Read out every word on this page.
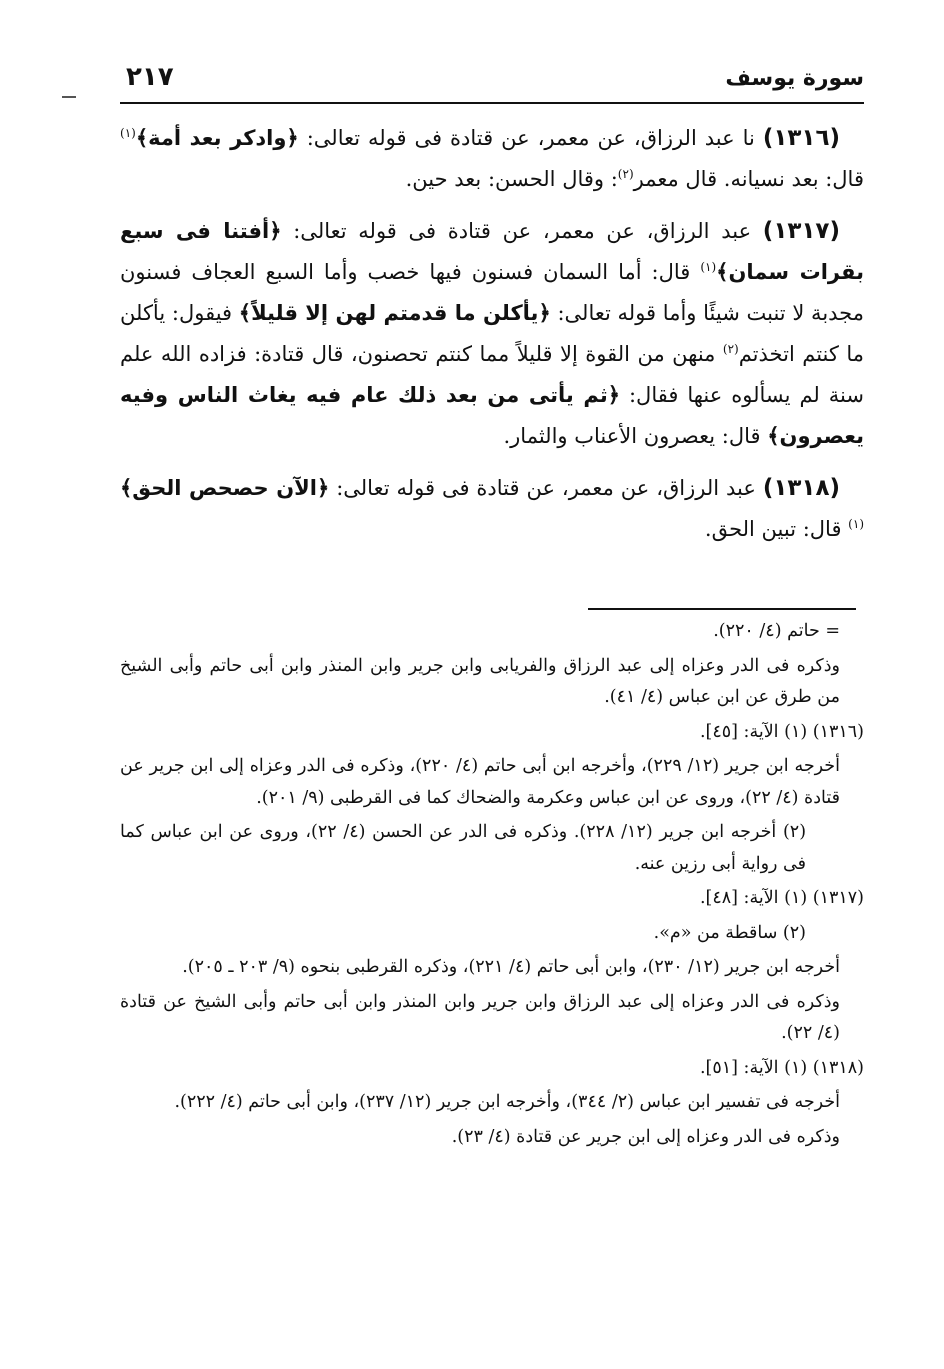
٢١٧	سورة يوسف

(١٣١٦) نا عبد الرزاق، عن معمر، عن قتادة فى قوله تعالى: ﴿وادكر بعد أمة﴾$^{(١)}$ قال: بعد نسيانه. قال معمر$^{(٢)}$: وقال الحسن: بعد حين.

(١٣١٧) عبد الرزاق، عن معمر، عن قتادة فى قوله تعالى: ﴿أفتنا فى سبع بقرات سمان﴾$^{(١)}$ قال: أما السمان فسنون فيها خصب وأما السبع العجاف فسنون مجدبة لا تنبت شيئًا وأما قوله تعالى: ﴿يأكلن ما قدمتم لهن إلا قليلاً﴾ فيقول: يأكلن ما كنتم اتخذتم$^{(٢)}$ منهن من القوة إلا قليلاً مما كنتم تحصنون، قال قتادة: فزاده الله علم سنة لم يسألوه عنها فقال: ﴿ثم يأتى من بعد ذلك عام فيه يغاث الناس وفيه يعصرون﴾ قال: يعصرون الأعناب والثمار.

(١٣١٨) عبد الرزاق، عن معمر، عن قتادة فى قوله تعالى: ﴿الآن حصحص الحق﴾$^{(١)}$ قال: تبين الحق.

= حاتم (٤/ ٢٢٠).

وذكره فى الدر وعزاه إلى عبد الرزاق والفريابى وابن جرير وابن المنذر وابن أبى حاتم وأبى الشيخ من طرق عن ابن عباس (٤/ ٤١).

(١٣١٦) (١) الآية: [٤٥].

أخرجه ابن جرير (١٢/ ٢٢٩)، وأخرجه ابن أبى حاتم (٤/ ٢٢٠)، وذكره فى الدر وعزاه إلى ابن جرير عن قتادة (٤/ ٢٢)، وروى عن ابن عباس وعكرمة والضحاك كما فى القرطبى (٩/ ٢٠١).

(٢) أخرجه ابن جرير (١٢/ ٢٢٨). وذكره فى الدر عن الحسن (٤/ ٢٢)، وروى عن ابن عباس كما فى رواية أبى رزين عنه.

(١٣١٧) (١) الآية: [٤٨].

(٢) ساقطة من «م».

أخرجه ابن جرير (١٢/ ٢٣٠)، وابن أبى حاتم (٤/ ٢٢١)، وذكره القرطبى بنحوه (٩/ ٢٠٣ ـ ٢٠٥).

وذكره فى الدر وعزاه إلى عبد الرزاق وابن جرير وابن المنذر وابن أبى حاتم وأبى الشيخ عن قتادة (٤/ ٢٢).

(١٣١٨) (١) الآية: [٥١].

أخرجه فى تفسير ابن عباس (٢/ ٣٤٤)، وأخرجه ابن جرير (١٢/ ٢٣٧)، وابن أبى حاتم (٤/ ٢٢٢).

وذكره فى الدر وعزاه إلى ابن جرير عن قتادة (٤/ ٢٣).
